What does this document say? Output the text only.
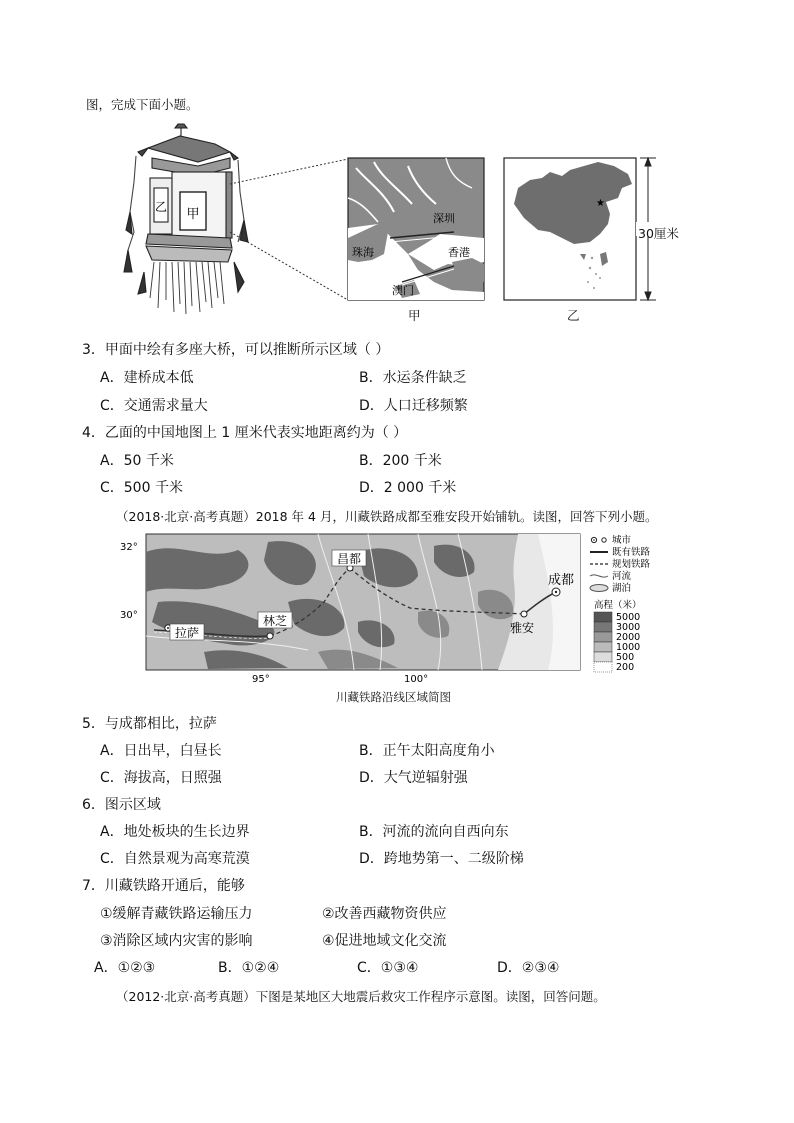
图，完成下面小题。
甲
乙
深圳
珠海	香港
澳门
★
30厘米
甲	乙
3．甲面中绘有多座大桥，可以推断所示区域（ ）
A．建桥成本低	B．水运条件缺乏
C．交通需求量大	D．人口迁移频繁
4．乙面的中国地图上 1 厘米代表实地距离约为（ ）
A．50 千米	B．200 千米
C．500 千米	D．2 000 千米
（2018·北京·高考真题）2018 年 4 月，川藏铁路成都至雅安段开始铺轨。读图，回答下列小题。
拉萨
林芝
昌都
雅安
成都
32°
30°
95°	100°
城市
既有铁路
规划铁路
河流
湖泊
高程（米）
5000
3000
2000
1000
500
200
川藏铁路沿线区域简图
5．与成都相比，拉萨
A．日出早，白昼长	B．正午太阳高度角小
C．海拔高，日照强	D．大气逆辐射强
6．图示区域
A．地处板块的生长边界	B．河流的流向自西向东
C．自然景观为高寒荒漠	D．跨地势第一、二级阶梯
7．川藏铁路开通后，能够
①缓解青藏铁路运输压力	②改善西藏物资供应
③消除区域内灾害的影响	④促进地域文化交流
A．①②③	B．①②④	C．①③④	D．②③④
（2012·北京·高考真题）下图是某地区大地震后救灾工作程序示意图。读图，回答问题。
